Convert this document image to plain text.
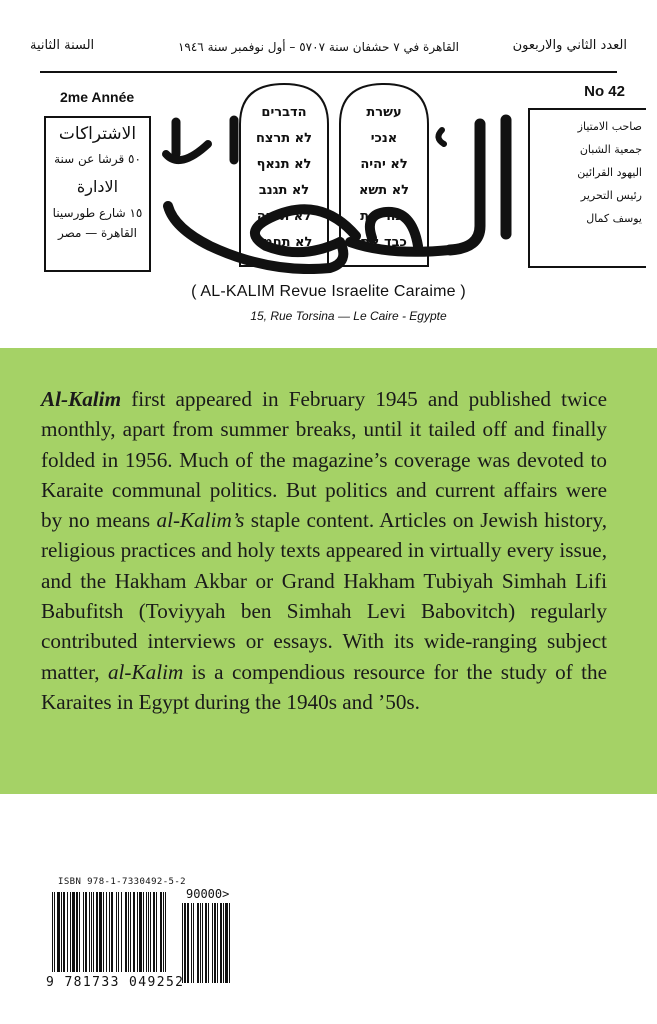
العدد الثاني والاربعون
القاهرة في ٧ حشفان سنة ٥٧٠٧ – أول نوفمبر سنة ١٩٤٦
السنة الثانية
2me Année	No 42
الاشتراكات
٥٠ قرشا عن سنة
الادارة
١٥ شارع طورسينا
القاهرة — مصر
صاحب الامتياز
جمعية الشبان
اليهود القرائين
رئيس التحرير
يوسف كمال
הדברים
לא תרצח
לא תנאף
לא תגנב
לא תענה
לא תחמד
עשרת
אנכי
לא יהיה
לא תשא
זכור את
כבד את
( AL-KALIM Revue Israelite Caraime )
15, Rue Torsina — Le Caire - Egypte

Al-Kalim first appeared in February 1945 and published twice monthly, apart from summer breaks, until it tailed off and finally folded in 1956. Much of the magazine’s coverage was devoted to Karaite communal politics. But politics and current affairs were by no means al-Kalim’s staple content. Articles on Jewish history, religious practices and holy texts appeared in virtually every issue, and the Hakham Akbar or Grand Hakham Tubiyah Simhah Lifi Babufitsh (Toviyyah ben Simhah Levi Babovitch) regularly contributed interviews or essays. With its wide-ranging subject matter, al-Kalim is a compendious resource for the study of the Karaites in Egypt during the 1940s and ’50s.

ISBN 978-1-7330492-5-2
90000>
9 781733 049252
